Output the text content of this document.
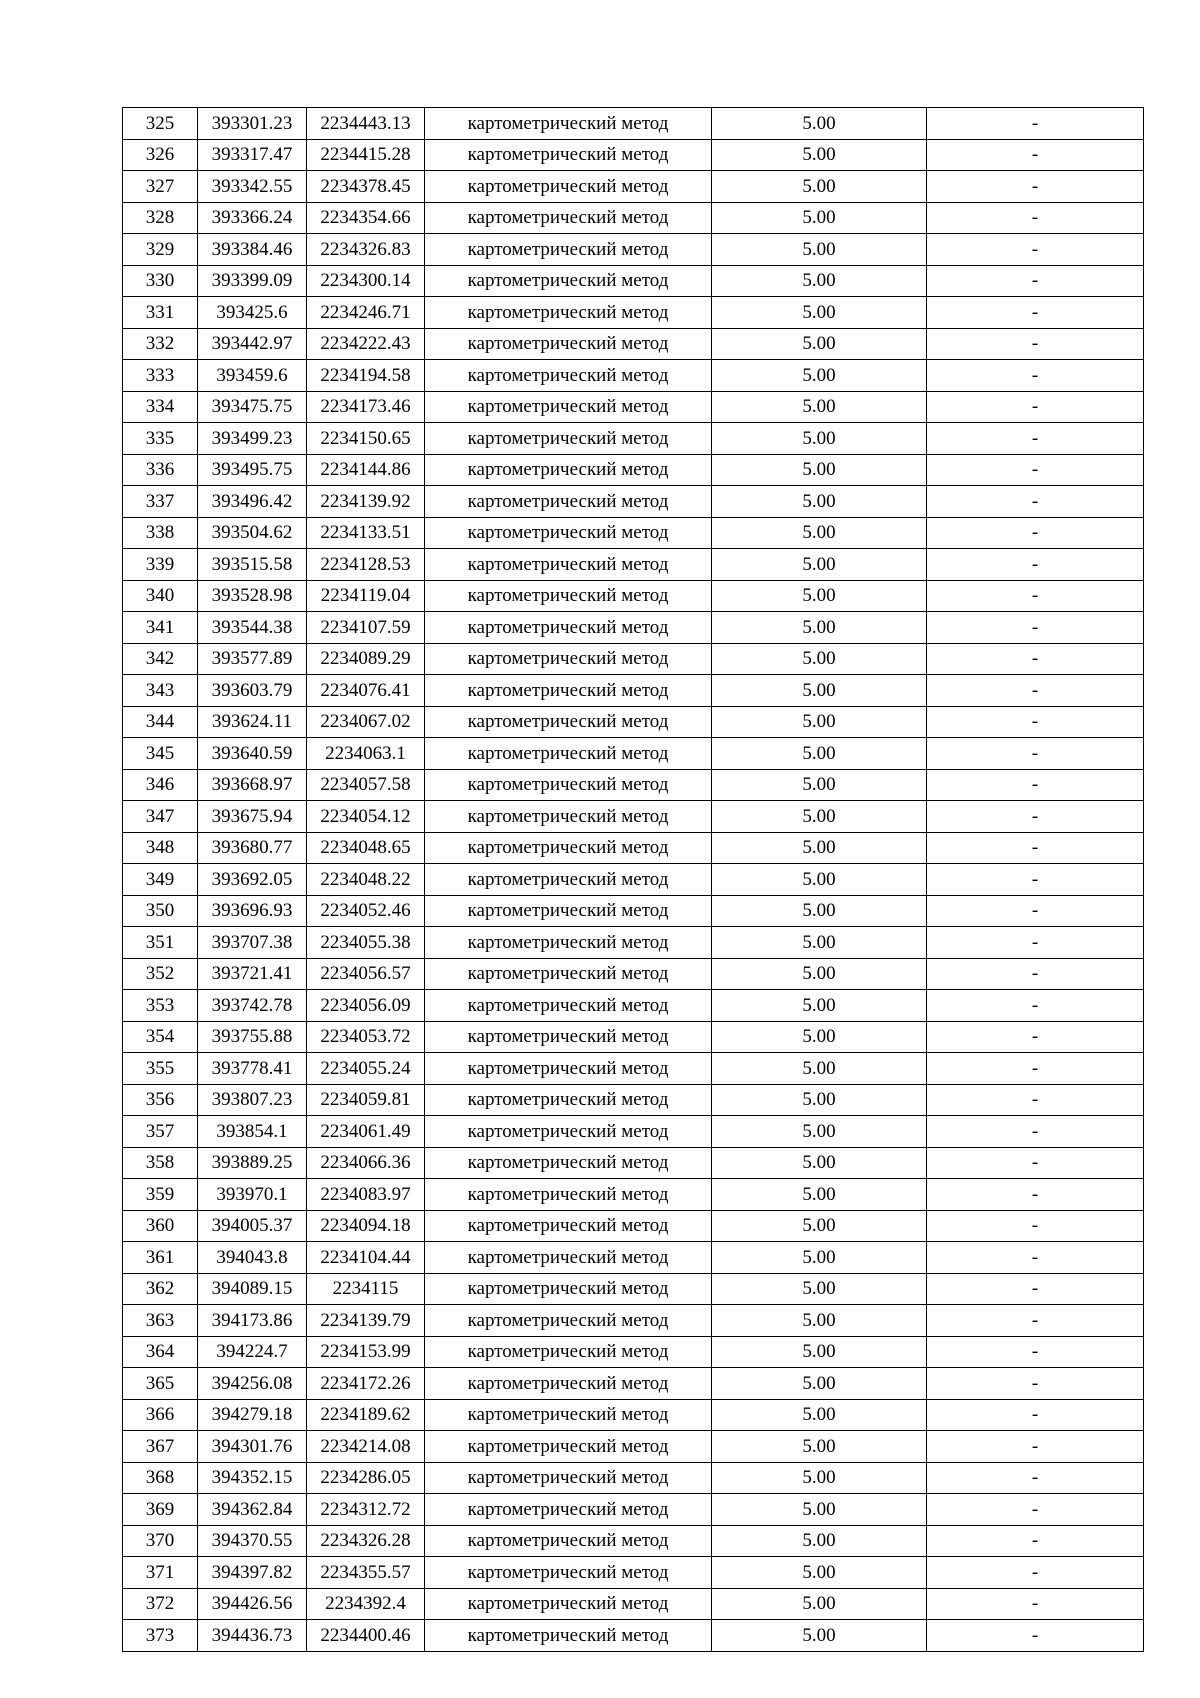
325	393301.23	2234443.13	картометрический метод	5.00	-
326	393317.47	2234415.28	картометрический метод	5.00	-
327	393342.55	2234378.45	картометрический метод	5.00	-
328	393366.24	2234354.66	картометрический метод	5.00	-
329	393384.46	2234326.83	картометрический метод	5.00	-
330	393399.09	2234300.14	картометрический метод	5.00	-
331	393425.6	2234246.71	картометрический метод	5.00	-
332	393442.97	2234222.43	картометрический метод	5.00	-
333	393459.6	2234194.58	картометрический метод	5.00	-
334	393475.75	2234173.46	картометрический метод	5.00	-
335	393499.23	2234150.65	картометрический метод	5.00	-
336	393495.75	2234144.86	картометрический метод	5.00	-
337	393496.42	2234139.92	картометрический метод	5.00	-
338	393504.62	2234133.51	картометрический метод	5.00	-
339	393515.58	2234128.53	картометрический метод	5.00	-
340	393528.98	2234119.04	картометрический метод	5.00	-
341	393544.38	2234107.59	картометрический метод	5.00	-
342	393577.89	2234089.29	картометрический метод	5.00	-
343	393603.79	2234076.41	картометрический метод	5.00	-
344	393624.11	2234067.02	картометрический метод	5.00	-
345	393640.59	2234063.1	картометрический метод	5.00	-
346	393668.97	2234057.58	картометрический метод	5.00	-
347	393675.94	2234054.12	картометрический метод	5.00	-
348	393680.77	2234048.65	картометрический метод	5.00	-
349	393692.05	2234048.22	картометрический метод	5.00	-
350	393696.93	2234052.46	картометрический метод	5.00	-
351	393707.38	2234055.38	картометрический метод	5.00	-
352	393721.41	2234056.57	картометрический метод	5.00	-
353	393742.78	2234056.09	картометрический метод	5.00	-
354	393755.88	2234053.72	картометрический метод	5.00	-
355	393778.41	2234055.24	картометрический метод	5.00	-
356	393807.23	2234059.81	картометрический метод	5.00	-
357	393854.1	2234061.49	картометрический метод	5.00	-
358	393889.25	2234066.36	картометрический метод	5.00	-
359	393970.1	2234083.97	картометрический метод	5.00	-
360	394005.37	2234094.18	картометрический метод	5.00	-
361	394043.8	2234104.44	картометрический метод	5.00	-
362	394089.15	2234115	картометрический метод	5.00	-
363	394173.86	2234139.79	картометрический метод	5.00	-
364	394224.7	2234153.99	картометрический метод	5.00	-
365	394256.08	2234172.26	картометрический метод	5.00	-
366	394279.18	2234189.62	картометрический метод	5.00	-
367	394301.76	2234214.08	картометрический метод	5.00	-
368	394352.15	2234286.05	картометрический метод	5.00	-
369	394362.84	2234312.72	картометрический метод	5.00	-
370	394370.55	2234326.28	картометрический метод	5.00	-
371	394397.82	2234355.57	картометрический метод	5.00	-
372	394426.56	2234392.4	картометрический метод	5.00	-
373	394436.73	2234400.46	картометрический метод	5.00	-
